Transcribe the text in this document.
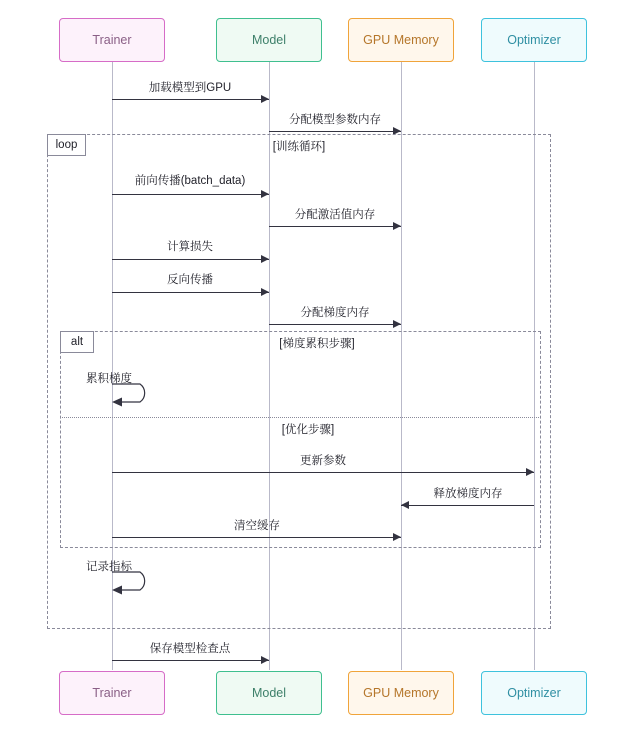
Trainer	Model	GPU Memory	Optimizer
加载模型到GPU
分配模型参数内存
loop	[训练循环]
前向传播(batch_data)
分配激活值内存
计算损失
反向传播
分配梯度内存
alt	[梯度累积步骤]
累积梯度
[优化步骤]
更新参数
释放梯度内存
清空缓存
记录指标
保存模型检查点
Trainer	Model	GPU Memory	Optimizer
